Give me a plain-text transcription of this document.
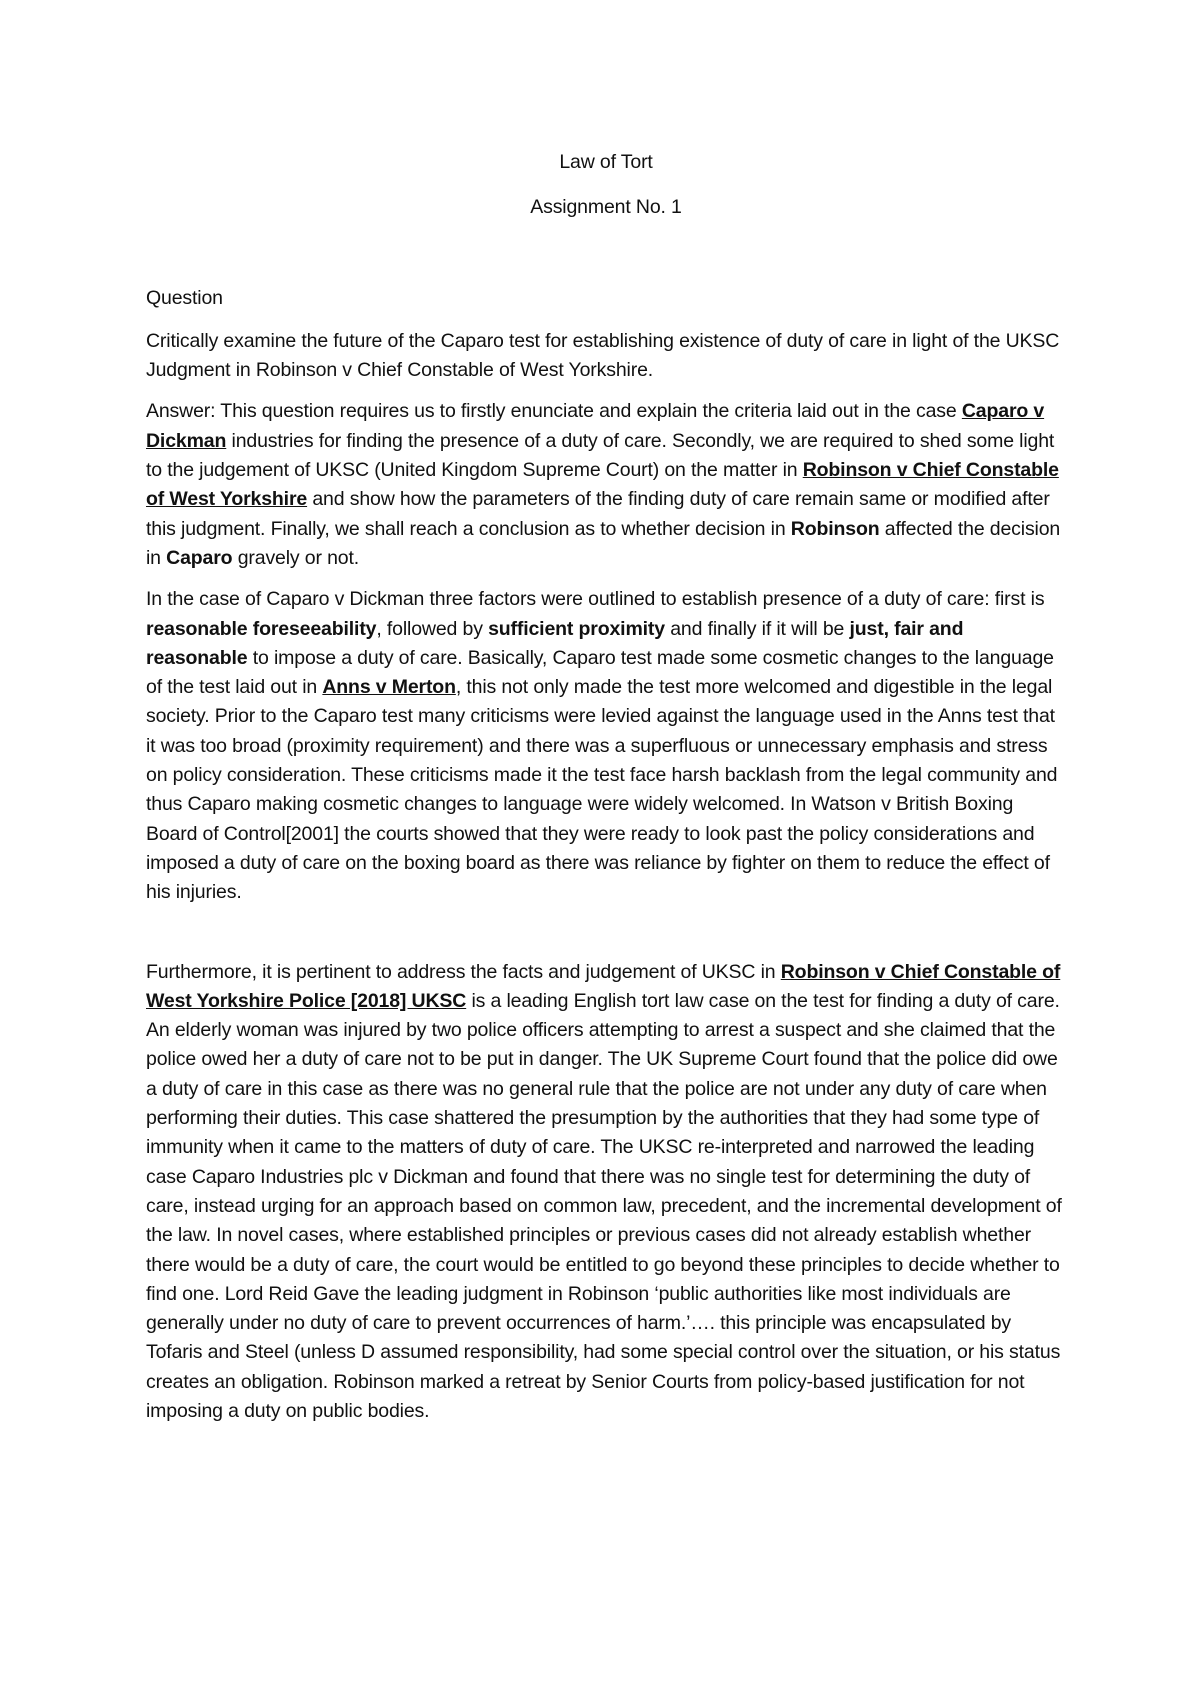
Law of Tort

Assignment No. 1

Question

Critically examine the future of the Caparo test for establishing existence of duty of care in light of the UKSC Judgment in Robinson v Chief Constable of West Yorkshire.

Answer: This question requires us to firstly enunciate and explain the criteria laid out in the case Caparo v Dickman industries for finding the presence of a duty of care. Secondly, we are required to shed some light to the judgement of UKSC (United Kingdom Supreme Court) on the matter in Robinson v Chief Constable of West Yorkshire and show how the parameters of the finding duty of care remain same or modified after this judgment. Finally, we shall reach a conclusion as to whether decision in Robinson affected the decision in Caparo gravely or not.

In the case of Caparo v Dickman three factors were outlined to establish presence of a duty of care: first is reasonable foreseeability, followed by sufficient proximity and finally if it will be just, fair and reasonable to impose a duty of care. Basically, Caparo test made some cosmetic changes to the language of the test laid out in Anns v Merton, this not only made the test more welcomed and digestible in the legal society. Prior to the Caparo test many criticisms were levied against the language used in the Anns test that it was too broad (proximity requirement) and there was a superfluous or unnecessary emphasis and stress on policy consideration. These criticisms made it the test face harsh backlash from the legal community and thus Caparo making cosmetic changes to language were widely welcomed. In Watson v British Boxing Board of Control[2001] the courts showed that they were ready to look past the policy considerations and imposed a duty of care on the boxing board as there was reliance by fighter on them to reduce the effect of his injuries.

Furthermore, it is pertinent to address the facts and judgement of UKSC in Robinson v Chief Constable of West Yorkshire Police [2018] UKSC is a leading English tort law case on the test for finding a duty of care. An elderly woman was injured by two police officers attempting to arrest a suspect and she claimed that the police owed her a duty of care not to be put in danger. The UK Supreme Court found that the police did owe a duty of care in this case as there was no general rule that the police are not under any duty of care when performing their duties. This case shattered the presumption by the authorities that they had some type of immunity when it came to the matters of duty of care. The UKSC re-interpreted and narrowed the leading case Caparo Industries plc v Dickman and found that there was no single test for determining the duty of care, instead urging for an approach based on common law, precedent, and the incremental development of the law. In novel cases, where established principles or previous cases did not already establish whether there would be a duty of care, the court would be entitled to go beyond these principles to decide whether to find one. Lord Reid Gave the leading judgment in Robinson ‘public authorities like most individuals are generally under no duty of care to prevent occurrences of harm.’…. this principle was encapsulated by Tofaris and Steel (unless D assumed responsibility, had some special control over the situation, or his status creates an obligation. Robinson marked a retreat by Senior Courts from policy-based justification for not imposing a duty on public bodies.
